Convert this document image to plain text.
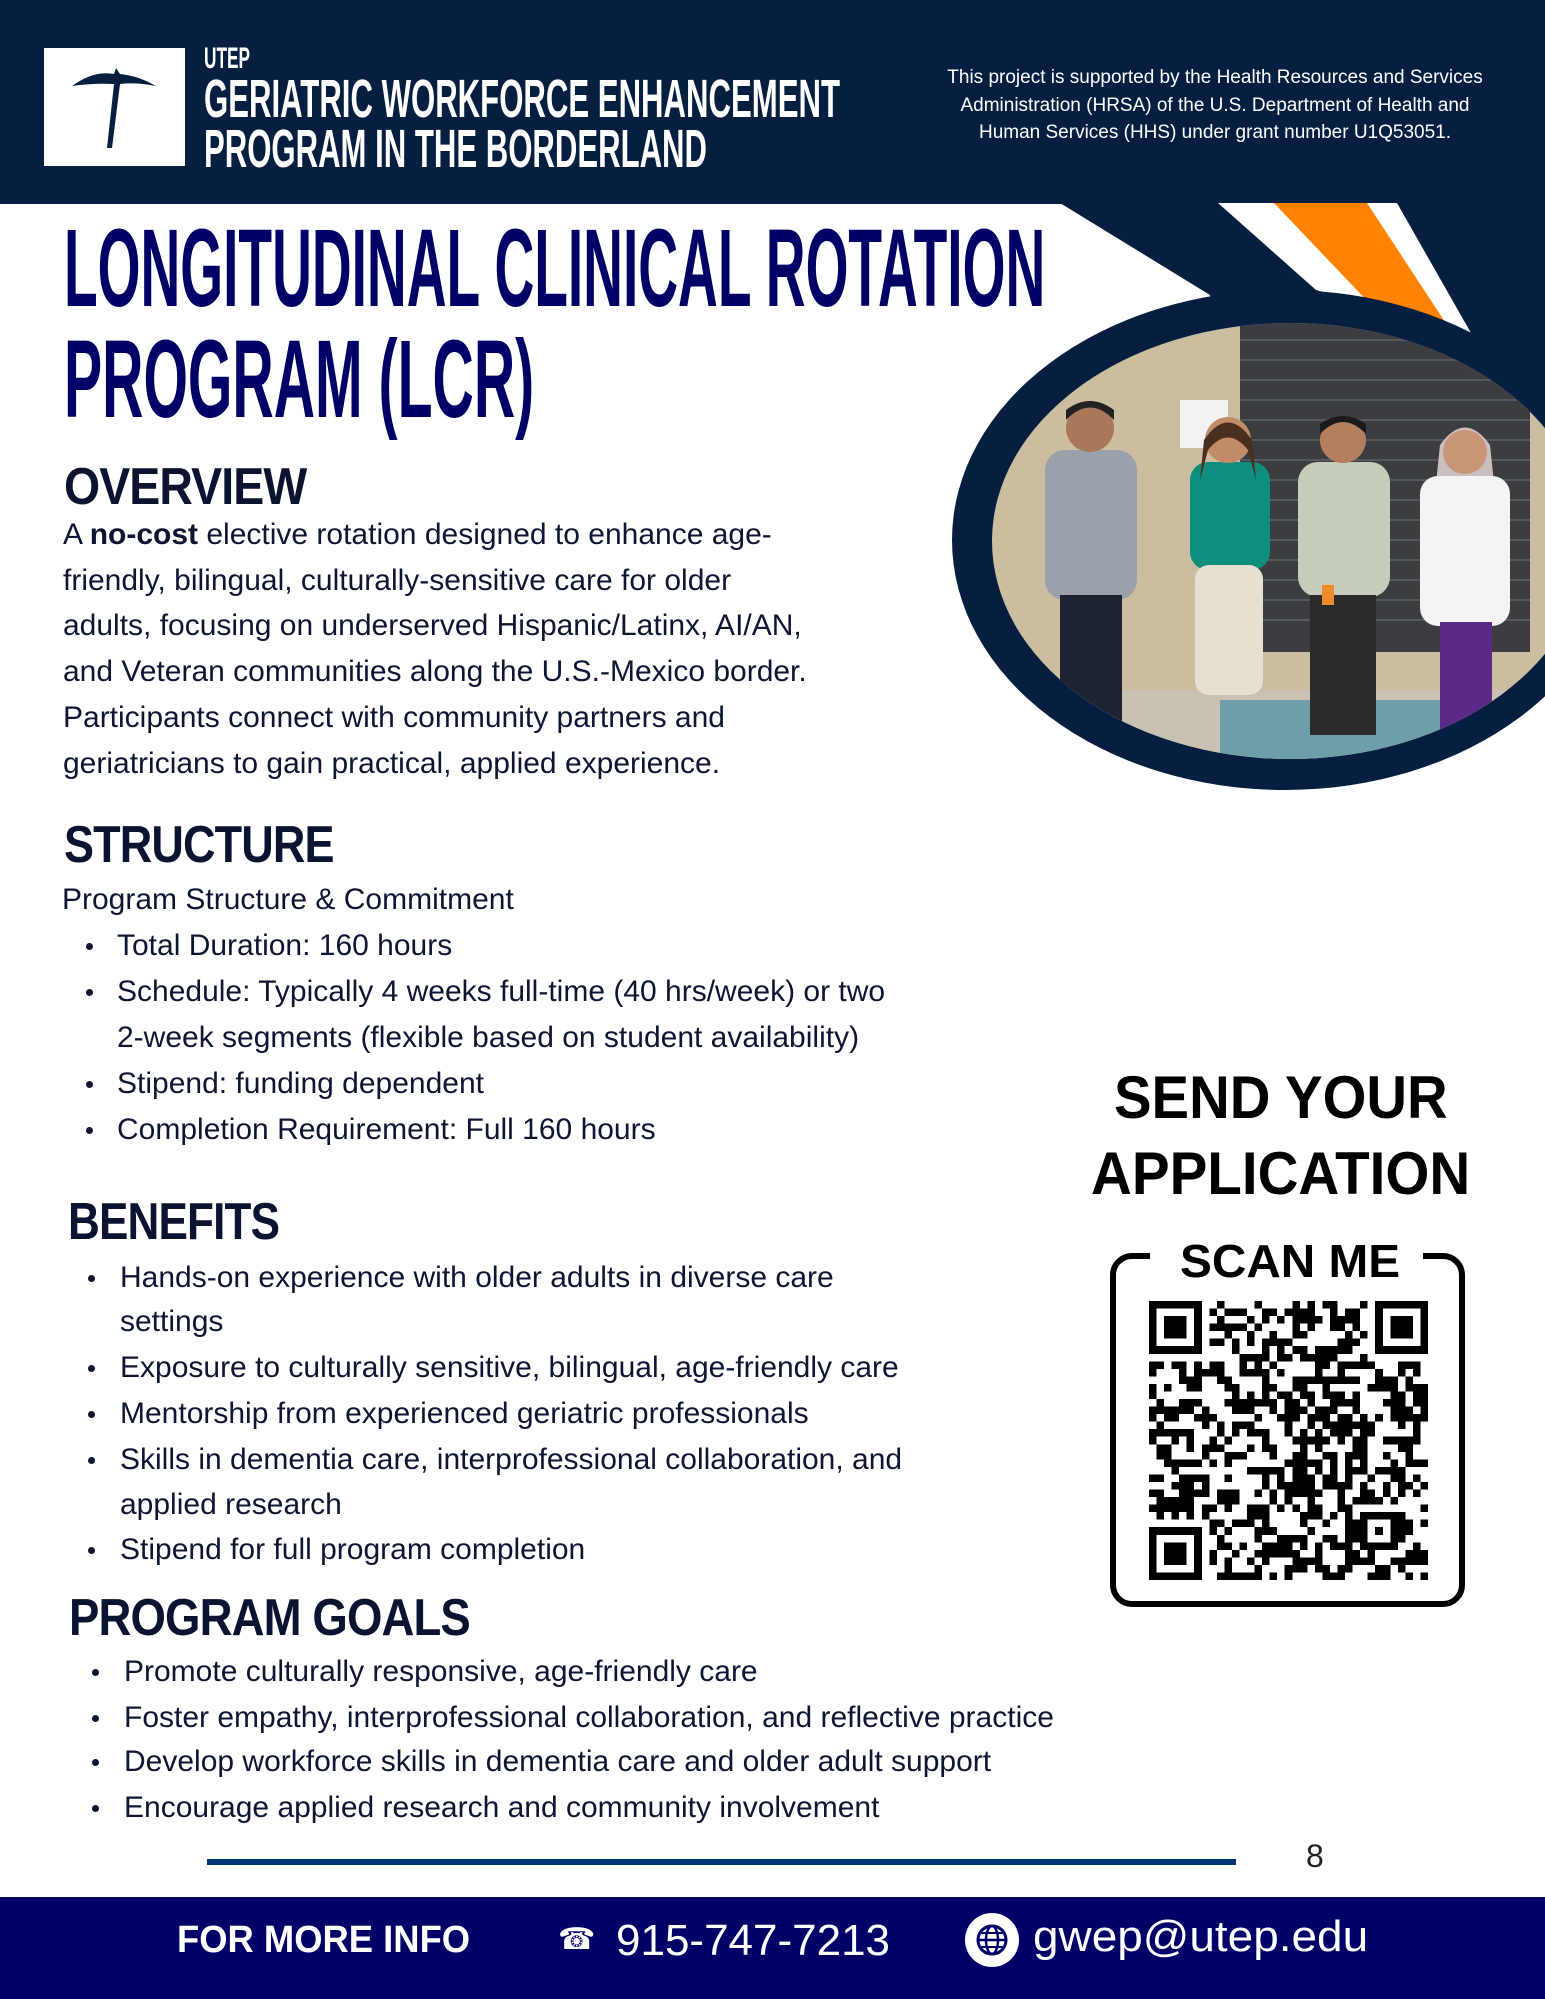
UTEP
GERIATRIC WORKFORCE ENHANCEMENT
PROGRAM IN THE BORDERLAND
This project is supported by the Health Resources and Services
Administration (HRSA) of the U.S. Department of Health and
Human Services (HHS) under grant number U1Q53051.
LONGITUDINAL CLINICAL ROTATION
PROGRAM (LCR)
OVERVIEW
A no-cost elective rotation designed to enhance age-
friendly, bilingual, culturally-sensitive care for older
adults, focusing on underserved Hispanic/Latinx, AI/AN,
and Veteran communities along the U.S.-Mexico border.
Participants connect with community partners and
geriatricians to gain practical, applied experience.
STRUCTURE
Program Structure & Commitment
Total Duration: 160 hours
Schedule: Typically 4 weeks full-time (40 hrs/week) or two
2-week segments (flexible based on student availability)
Stipend: funding dependent
Completion Requirement: Full 160 hours
BENEFITS
Hands-on experience with older adults in diverse care
settings
Exposure to culturally sensitive, bilingual, age-friendly care
Mentorship from experienced geriatric professionals
Skills in dementia care, interprofessional collaboration, and
applied research
Stipend for full program completion
PROGRAM GOALS
Promote culturally responsive, age-friendly care
Foster empathy, interprofessional collaboration, and reflective practice
Develop workforce skills in dementia care and older adult support
Encourage applied research and community involvement
SEND YOUR
APPLICATION
SCAN ME
8
FOR MORE INFO	☎ 915-747-7213	gwep@utep.edu
